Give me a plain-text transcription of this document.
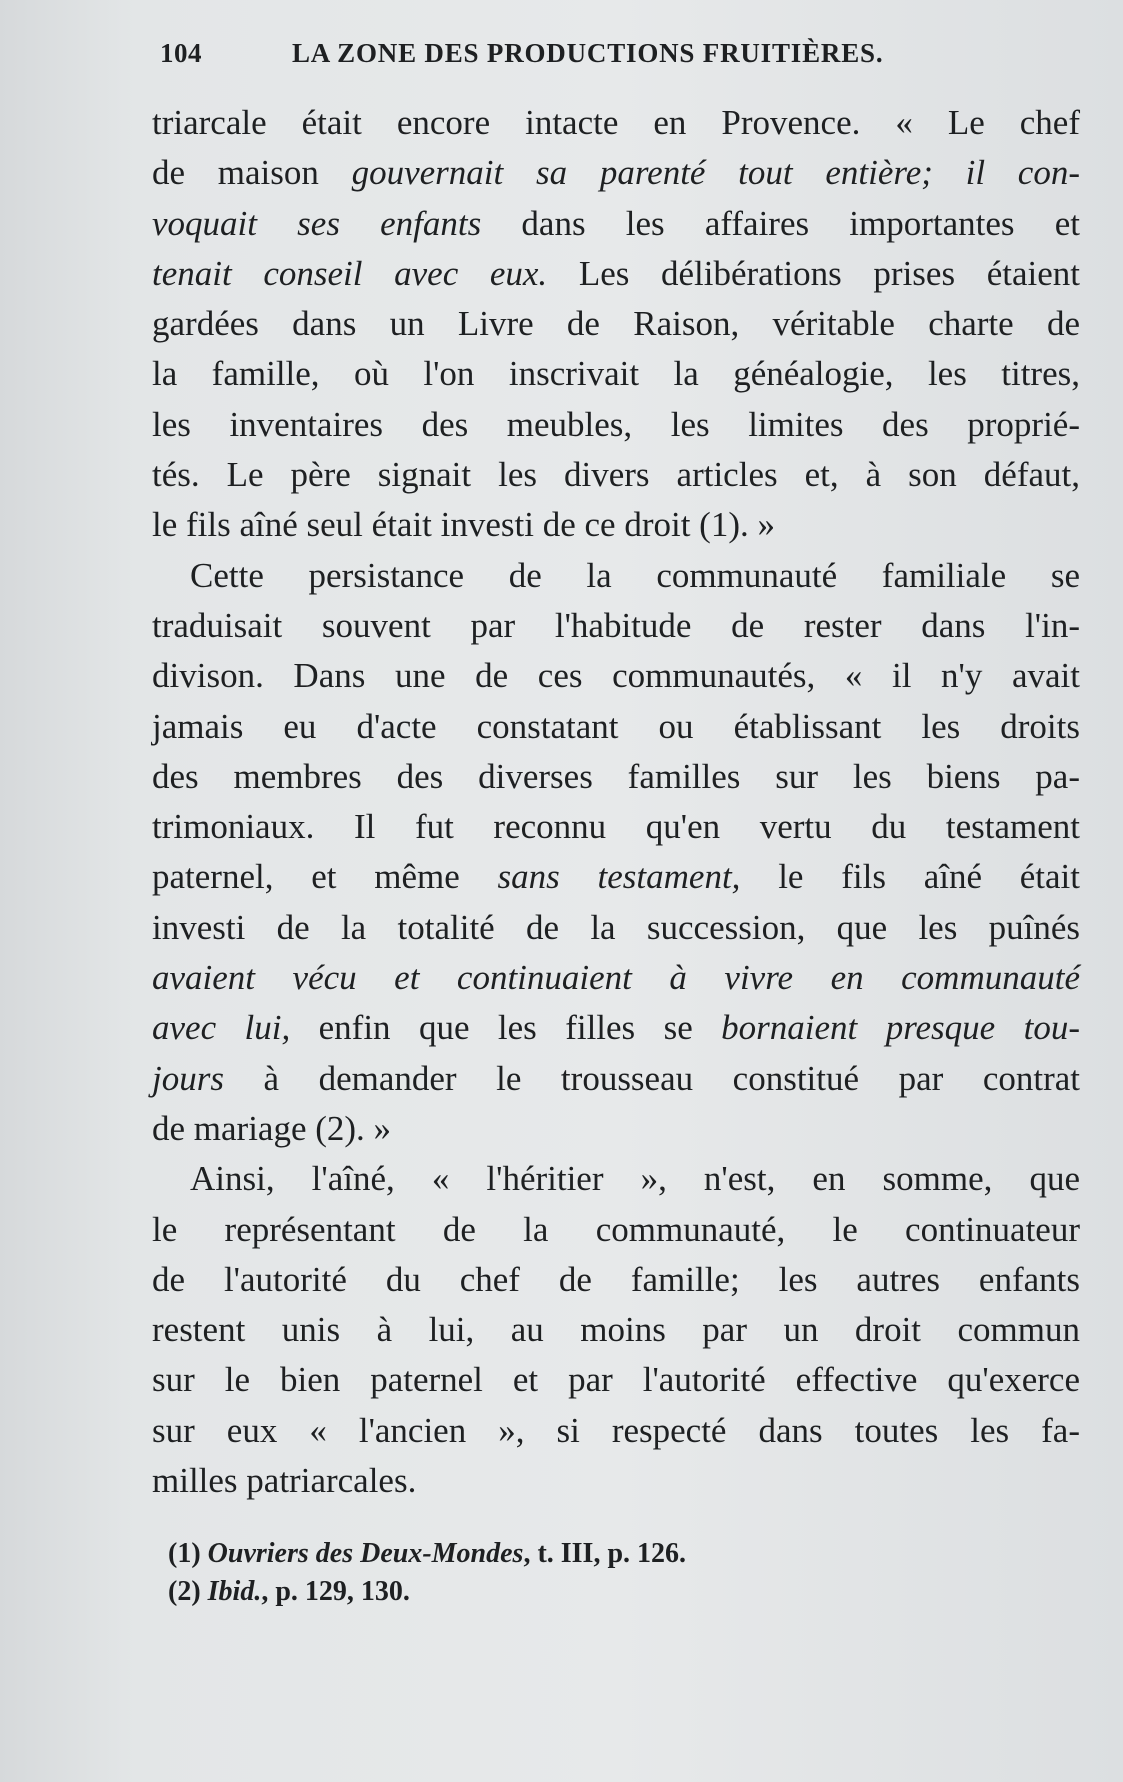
104	LA ZONE DES PRODUCTIONS FRUITIÈRES.
triarcale était encore intacte en Provence. « Le chef
de maison gouvernait sa parenté tout entière; il con-
voquait ses enfants dans les affaires importantes et
tenait conseil avec eux. Les délibérations prises étaient
gardées dans un Livre de Raison, véritable charte de
la famille, où l'on inscrivait la généalogie, les titres,
les inventaires des meubles, les limites des proprié-
tés. Le père signait les divers articles et, à son défaut,
le fils aîné seul était investi de ce droit (1). »
Cette persistance de la communauté familiale se
traduisait souvent par l'habitude de rester dans l'in-
divison. Dans une de ces communautés, « il n'y avait
jamais eu d'acte constatant ou établissant les droits
des membres des diverses familles sur les biens pa-
trimoniaux. Il fut reconnu qu'en vertu du testament
paternel, et même sans testament, le fils aîné était
investi de la totalité de la succession, que les puînés
avaient vécu et continuaient à vivre en communauté
avec lui, enfin que les filles se bornaient presque tou-
jours à demander le trousseau constitué par contrat
de mariage (2). »
Ainsi, l'aîné, « l'héritier », n'est, en somme, que
le représentant de la communauté, le continuateur
de l'autorité du chef de famille; les autres enfants
restent unis à lui, au moins par un droit commun
sur le bien paternel et par l'autorité effective qu'exerce
sur eux « l'ancien », si respecté dans toutes les fa-
milles patriarcales.
(1) Ouvriers des Deux-Mondes, t. III, p. 126.
(2) Ibid., p. 129, 130.
